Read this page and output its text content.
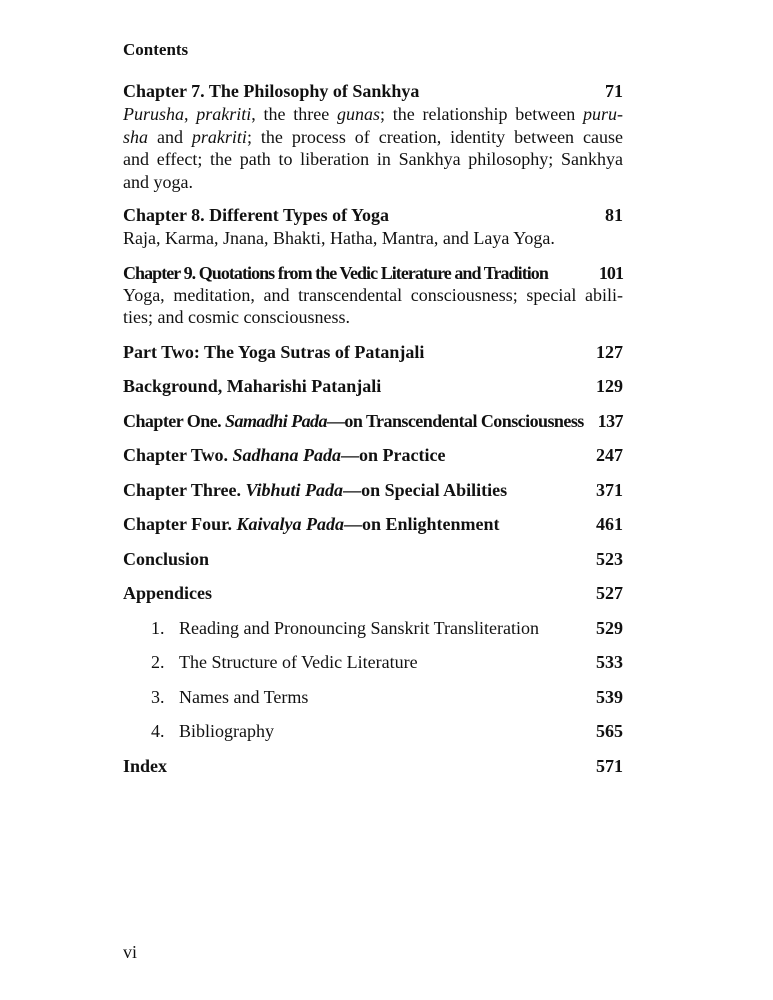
Contents
Chapter 7. The Philosophy of Sankhya	71
Purusha, prakriti, the three gunas; the relationship between puru-
sha and prakriti; the process of creation, identity between cause
and effect; the path to liberation in Sankhya philosophy; Sankhya
and yoga.
Chapter 8. Different Types of Yoga	81
Raja, Karma, Jnana, Bhakti, Hatha, Mantra, and Laya Yoga.
Chapter 9. Quotations from the Vedic Literature and Tradition	101
Yoga, meditation, and transcendental consciousness; special abili-
ties; and cosmic consciousness.
Part Two: The Yoga Sutras of Patanjali	127
Background, Maharishi Patanjali	129
Chapter One. Samadhi Pada—on Transcendental Consciousness 137
Chapter Two. Sadhana Pada—on Practice	247
Chapter Three. Vibhuti Pada—on Special Abilities	371
Chapter Four. Kaivalya Pada—on Enlightenment	461
Conclusion	523
Appendices	527
1. Reading and Pronouncing Sanskrit Transliteration	529
2. The Structure of Vedic Literature	533
3. Names and Terms	539
4. Bibliography	565
Index	571
vi
